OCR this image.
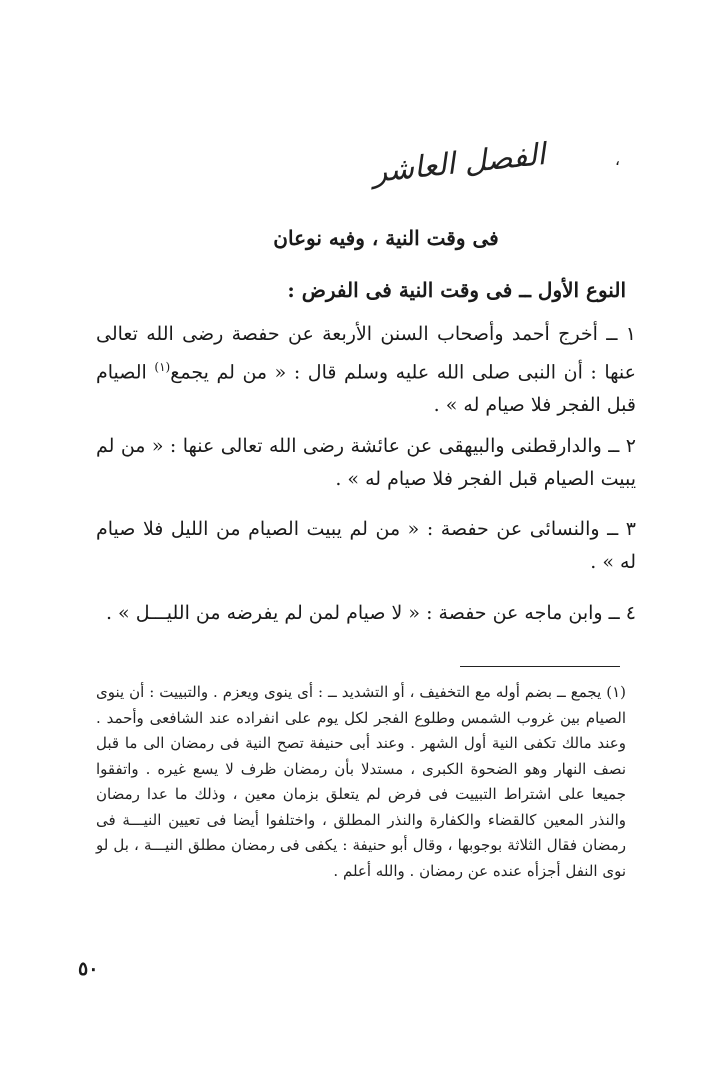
،
الفصل العاشر
فى وقت النية ، وفيه نوعان
النوع الأول ــ فى وقت النية فى الفرض :
١ ــ أخرج أحمد وأصحاب السنن الأربعة عن حفصة رضى الله تعالى عنها : أن النبى صلى الله عليه وسلم قال : « من لم يجمع$^{(١)}$ الصيام قبل الفجر فلا صيام له » .
٢ ــ والدارقطنى والبيهقى عن عائشة رضى الله تعالى عنها : « من لم يبيت الصيام قبل الفجر فلا صيام له » .
٣ ــ والنسائى عن حفصة : « من لم يبيت الصيام من الليل فلا صيام له » .
٤ ــ وابن ماجه عن حفصة : « لا صيام لمن لم يفرضه من الليـــل » .
(١) يجمع ــ بضم أوله مع التخفيف ، أو التشديد ــ : أى ينوى ويعزم . والتبييت : أن ينوى الصيام بين غروب الشمس وطلوع الفجر لكل يوم على انفراده عند الشافعى وأحمد . وعند مالك تكفى النية أول الشهر . وعند أبى حنيفة تصح النية فى رمضان الى ما قبل نصف النهار وهو الضحوة الكبرى ، مستدلا بأن رمضان ظرف لا يسع غيره . واتفقوا جميعا على اشتراط التبييت فى فرض لم يتعلق بزمان معين ، وذلك ما عدا رمضان والنذر المعين كالقضاء والكفارة والنذر المطلق ، واختلفوا أيضا فى تعيين النيـــة فى رمضان فقال الثلاثة بوجوبها ، وقال أبو حنيفة : يكفى فى رمضان مطلق النيـــة ، بل لو نوى النفل أجزأه عنده عن رمضان . والله أعلم .
٥٠
